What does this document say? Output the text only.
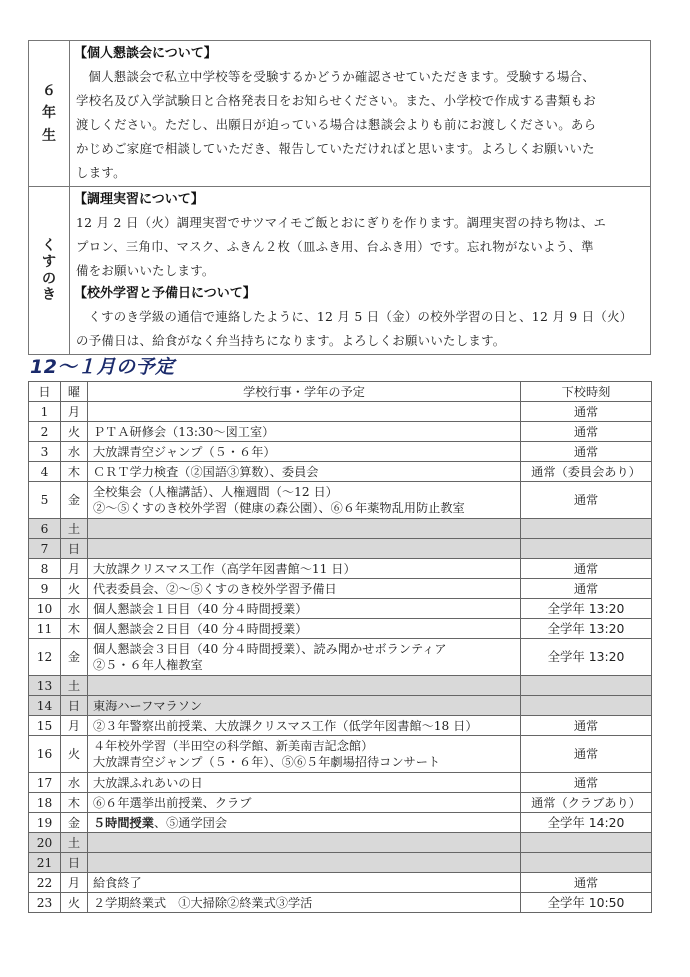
６
年
生

【個人懇談会について】
個人懇談会で私立中学校等を受験するかどうか確認させていただきます。受験する場合、
学校名及び入学試験日と合格発表日をお知らせください。また、小学校で作成する書類もお
渡しください。ただし、出願日が迫っている場合は懇談会よりも前にお渡しください。あら
かじめご家庭で相談していただき、報告していただければと思います。よろしくお願いいた
します。

く
す
の
き

【調理実習について】
12 月 2 日（火）調理実習でサツマイモご飯とおにぎりを作ります。調理実習の持ち物は、エ
プロン、三角巾、マスク、ふきん２枚（皿ふき用、台ふき用）です。忘れ物がないよう、準
備をお願いいたします。
【校外学習と予備日について】
くすのき学級の通信で連絡したように、12 月 5 日（金）の校外学習の日と、12 月 9 日（火）
の予備日は、給食がなく弁当持ちになります。よろしくお願いいたします。
12～１月の予定
日	曜	学校行事・学年の予定	下校時刻
1	月		通常
2	火	ＰＴＡ研修会（13:30～図工室）	通常
3	水	大放課青空ジャンプ（５・６年）	通常
4	木	ＣＲＴ学力検査（②国語③算数）、委員会	通常（委員会あり）
5	金	全校集会（人権講話）、人権週間（～12 日）
②～⑤くすのき校外学習（健康の森公園）、⑥６年薬物乱用防止教室	通常
6	土	

7	日	

8	月	大放課クリスマス工作（高学年図書館～11 日）	通常
9	火	代表委員会、②～⑤くすのき校外学習予備日	通常
10	水	個人懇談会１日目（40 分４時間授業）	全学年 13:20
11	木	個人懇談会２日目（40 分４時間授業）	全学年 13:20
12	金	個人懇談会３日目（40 分４時間授業）、読み聞かせボランティア
②５・６年人権教室	全学年 13:20
13	土	

14	日	東海ハーフマラソン	

15	月	②３年警察出前授業、大放課クリスマス工作（低学年図書館～18 日）	通常
16	火	４年校外学習（半田空の科学館、新美南吉記念館）
大放課青空ジャンプ（５・６年）、⑤⑥５年劇場招待コンサート	通常
17	水	大放課ふれあいの日	通常
18	木	⑥６年選挙出前授業、クラブ	通常（クラブあり）
19	金	５時間授業、⑤通学団会	全学年 14:20
20	土	

21	日	

22	月	給食終了	通常
23	火	２学期終業式　①大掃除②終業式③学活	全学年 10:50
